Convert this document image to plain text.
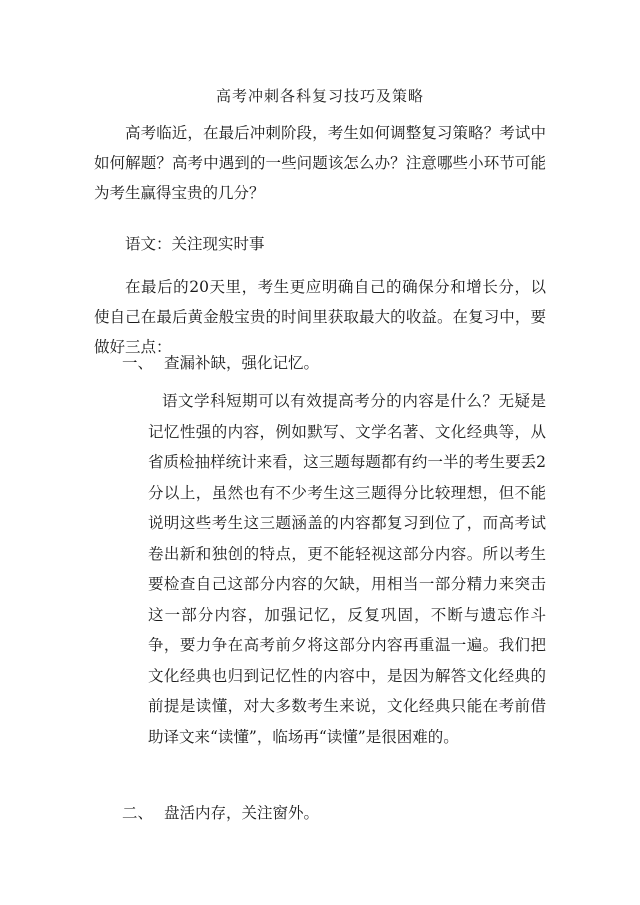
高考冲刺各科复习技巧及策略

高考临近，在最后冲刺阶段，考生如何调整复习策略？考试中如何解题？高考中遇到的一些问题该怎么办？注意哪些小环节可能为考生赢得宝贵的几分？

语文：关注现实时事

在最后的20天里，考生更应明确自己的确保分和增长分，以使自己在最后黄金般宝贵的时间里获取最大的收益。在复习中，要做好三点：

一、 查漏补缺，强化记忆。

语文学科短期可以有效提高考分的内容是什么？无疑是记忆性强的内容，例如默写、文学名著、文化经典等，从省质检抽样统计来看，这三题每题都有约一半的考生要丢2分以上，虽然也有不少考生这三题得分比较理想，但不能说明这些考生这三题涵盖的内容都复习到位了，而高考试卷出新和独创的特点，更不能轻视这部分内容。所以考生要检查自己这部分内容的欠缺，用相当一部分精力来突击这一部分内容，加强记忆，反复巩固，不断与遗忘作斗争，要力争在高考前夕将这部分内容再重温一遍。我们把文化经典也归到记忆性的内容中，是因为解答文化经典的前提是读懂，对大多数考生来说，文化经典只能在考前借助译文来“读懂”，临场再“读懂”是很困难的。

二、 盘活内存，关注窗外。
